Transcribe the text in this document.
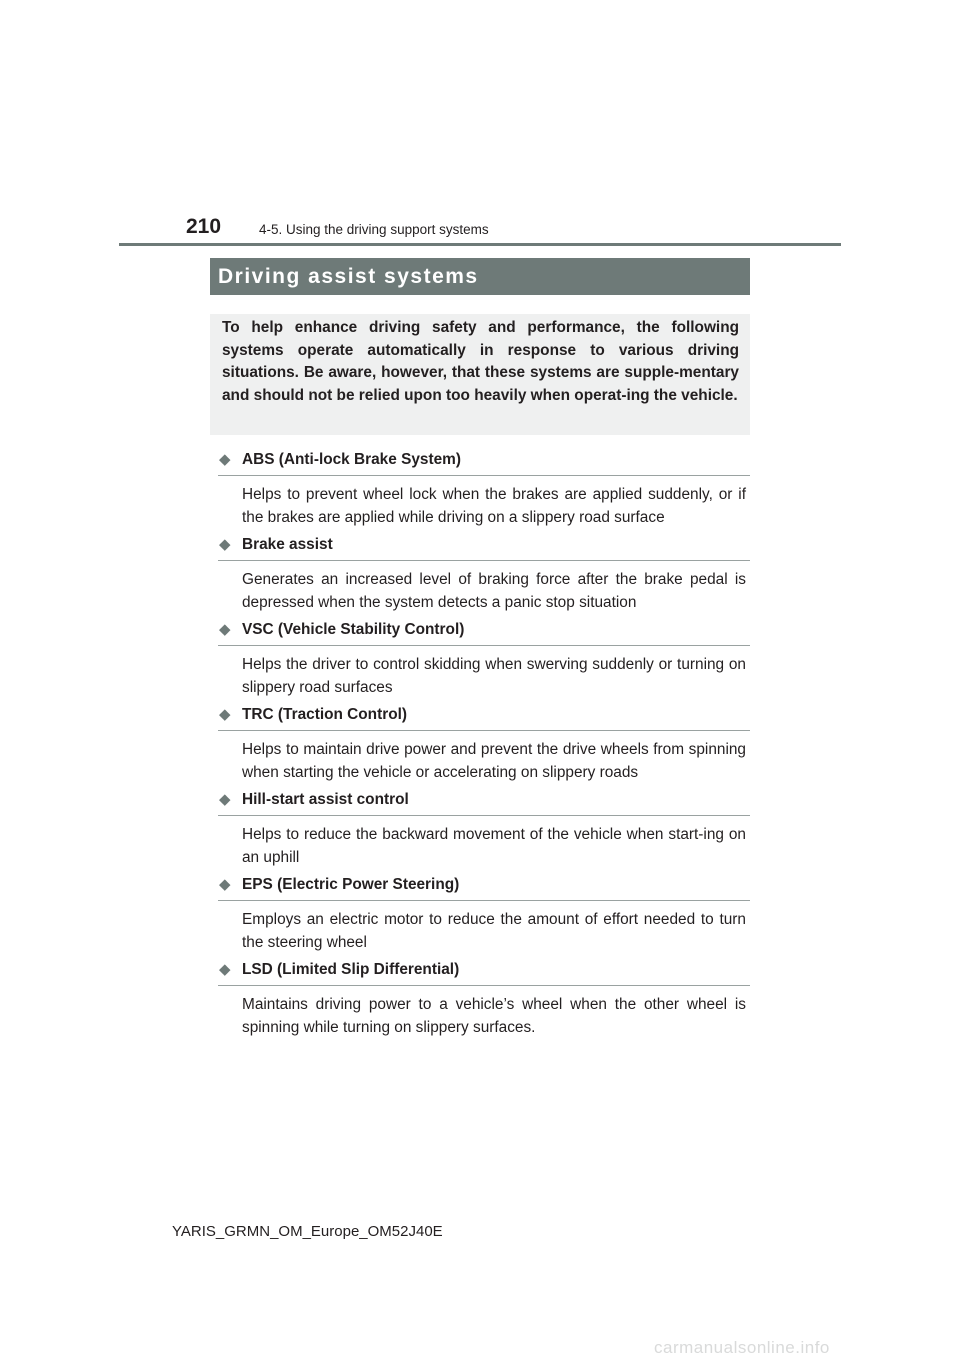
210	4-5. Using the driving support systems
Driving assist systems

To help enhance driving safety and performance, the following systems operate automatically in response to various driving situations. Be aware, however, that these systems are supple-mentary and should not be relied upon too heavily when operat-ing the vehicle.

◆ ABS (Anti-lock Brake System)

Helps to prevent wheel lock when the brakes are applied suddenly, or if the brakes are applied while driving on a slippery road surface

◆ Brake assist

Generates an increased level of braking force after the brake pedal is depressed when the system detects a panic stop situation

◆ VSC (Vehicle Stability Control)

Helps the driver to control skidding when swerving suddenly or turning on slippery road surfaces

◆ TRC (Traction Control)

Helps to maintain drive power and prevent the drive wheels from spinning when starting the vehicle or accelerating on slippery roads

◆ Hill-start assist control

Helps to reduce the backward movement of the vehicle when start-ing on an uphill

◆ EPS (Electric Power Steering)

Employs an electric motor to reduce the amount of effort needed to turn the steering wheel

◆ LSD (Limited Slip Differential)

Maintains driving power to a vehicle’s wheel when the other wheel is spinning while turning on slippery surfaces.

YARIS_GRMN_OM_Europe_OM52J40E
carmanualsonline.info
